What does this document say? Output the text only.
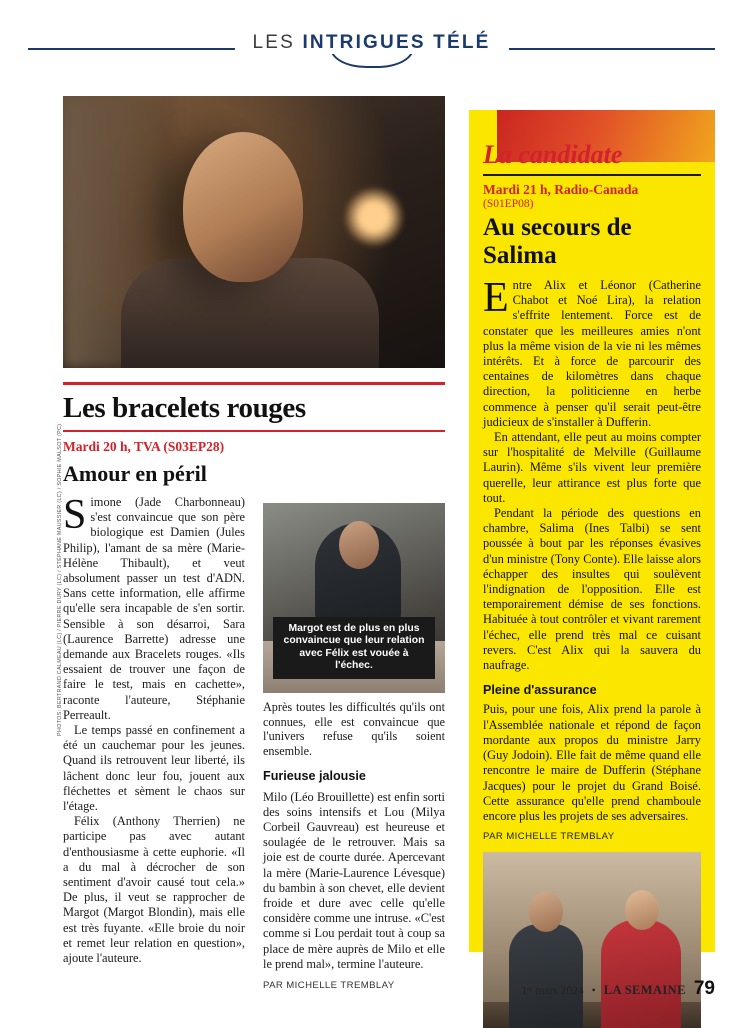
LES INTRIGUES TÉLÉ
Les bracelets rouges

Mardi 20 h, TVA (S03EP28)

Amour en péril

Simone (Jade Charbonneau) s'est convaincue que son père biologique est Damien (Jules Philip), l'amant de sa mère (Marie-Hélène Thibault), et veut absolument passer un test d'ADN. Sans cette information, elle affirme qu'elle sera incapable de s'en sortir. Sensible à son désarroi, Sara (Laurence Barrette) adresse une demande aux Bracelets rouges. «Ils essaient de trouver une façon de faire le test, mais en cachette», raconte l'auteure, Stéphanie Perreault.

Le temps passé en confinement a été un cauchemar pour les jeunes. Quand ils retrouvent leur liberté, ils lâchent donc leur fou, jouent aux fléchettes et sèment le chaos sur l'étage.

Félix (Anthony Therrien) ne participe pas avec autant d'enthousiasme à cette euphorie. «Il a du mal à décrocher de son sentiment d'avoir causé tout cela.» De plus, il veut se rapprocher de Margot (Margot Blondin), mais elle est très fuyante. «Elle broie du noir et remet leur relation en question», ajoute l'auteure.

Margot est de plus en plus convaincue que leur relation avec Félix est vouée à l'échec.
Après toutes les difficultés qu'ils ont connues, elle est convaincue que l'univers refuse qu'ils soient ensemble.
Furieuse jalousie

Milo (Léo Brouillette) est enfin sorti des soins intensifs et Lou (Milya Corbeil Gauvreau) est heureuse et soulagée de le retrouver. Mais sa joie est de courte durée. Apercevant la mère (Marie-Laurence Lévesque) du bambin à son chevet, elle devient froide et dure avec celle qu'elle considère comme une intruse. «C'est comme si Lou perdait tout à coup sa place de mère auprès de Milo et elle le prend mal», termine l'auteure.

PAR MICHELLE TREMBLAY
PHOTOS: BERTRAND CALMEAU (LC) / PIERRE DURY (LC) / STÉPHANE MAUSSIER (LC) / SOPHIE MALSOT (PC)
La candidate

Mardi 21 h, Radio-Canada

(S01EP08)

Au secours de Salima

Entre Alix et Léonor (Catherine Chabot et Noé Lira), la relation s'effrite lentement. Force est de constater que les meilleures amies n'ont plus la même vision de la vie ni les mêmes intérêts. Et à force de parcourir des centaines de kilomètres dans chaque direction, la politicienne en herbe commence à penser qu'il serait peut-être judicieux de s'installer à Dufferin.

En attendant, elle peut au moins compter sur l'hospitalité de Melville (Guillaume Laurin). Même s'ils vivent leur première querelle, leur attirance est plus forte que tout.

Pendant la période des questions en chambre, Salima (Ines Talbi) se sent poussée à bout par les réponses évasives d'un ministre (Tony Conte). Elle laisse alors échapper des insultes qui soulèvent l'indignation de l'opposition. Elle est temporairement démise de ses fonctions. Habituée à tout contrôler et vivant rarement l'échec, elle prend très mal ce cuisant revers. C'est Alix qui la sauvera du naufrage.

Pleine d'assurance

Puis, pour une fois, Alix prend la parole à l'Assemblée nationale et répond de façon mordante aux propos du ministre Jarry (Guy Jodoin). Elle fait de même quand elle rencontre le maire de Dufferin (Stéphane Jacques) pour le projet du Grand Boisé. Cette assurance qu'elle prend chamboule encore plus les projets de ses adversaires.

PAR MICHELLE TREMBLAY
1ᵉʳ mars 2024 • LA SEMAINE 79
